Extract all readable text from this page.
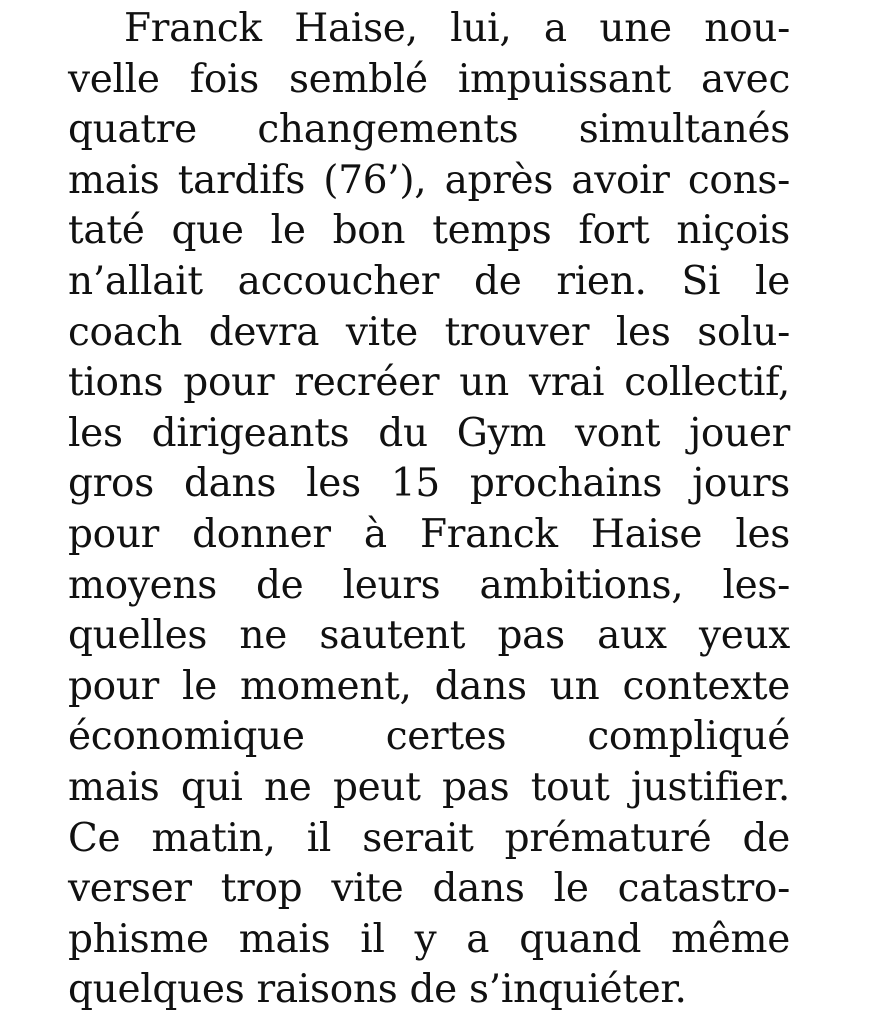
Franck Haise, lui, a une nou-
velle fois semblé impuissant avec
quatre changements simultanés
mais tardifs (76’), après avoir cons-
taté que le bon temps fort niçois
n’allait accoucher de rien. Si le
coach devra vite trouver les solu-
tions pour recréer un vrai collectif,
les dirigeants du Gym vont jouer
gros dans les 15 prochains jours
pour donner à Franck Haise les
moyens de leurs ambitions, les-
quelles ne sautent pas aux yeux
pour le moment, dans un contexte
économique certes compliqué
mais qui ne peut pas tout justifier.
Ce matin, il serait prématuré de
verser trop vite dans le catastro-
phisme mais il y a quand même
quelques raisons de s’inquiéter.
